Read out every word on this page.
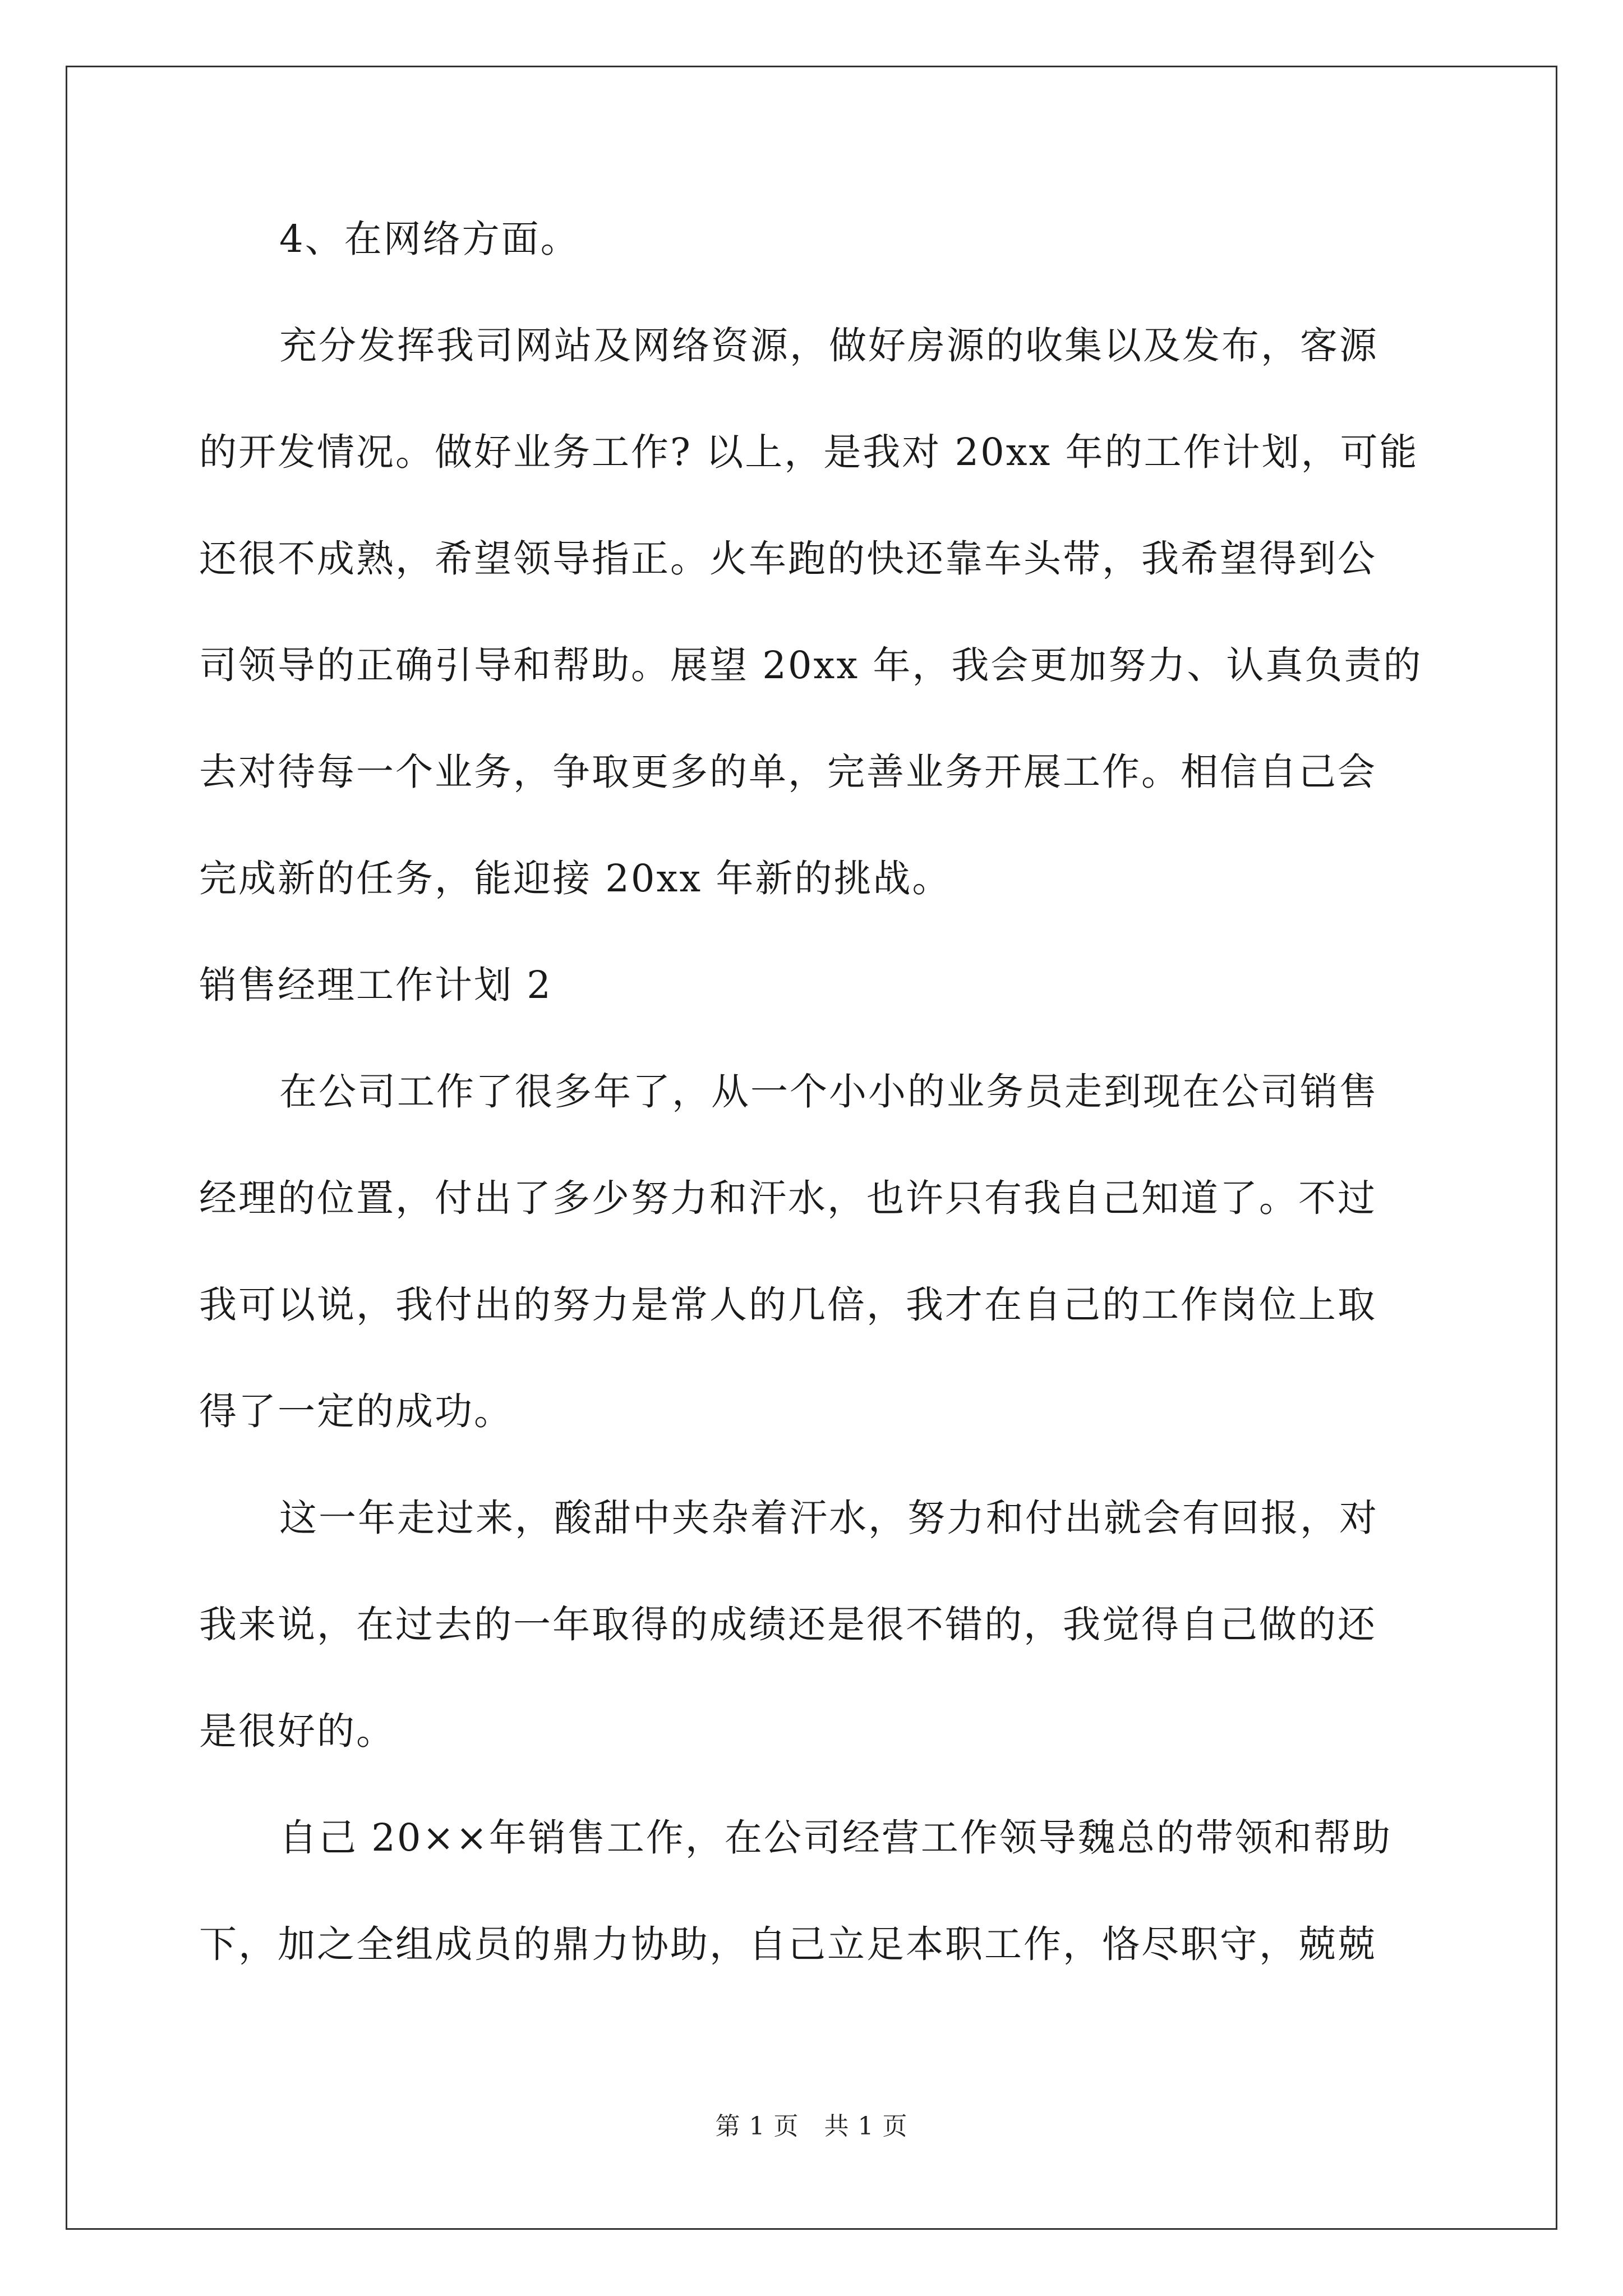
4、在网络方面。
充分发挥我司网站及网络资源，做好房源的收集以及发布，客源
的开发情况。做好业务工作? 以上，是我对 20xx 年的工作计划，可能
还很不成熟，希望领导指正。火车跑的快还靠车头带，我希望得到公
司领导的正确引导和帮助。展望 20xx 年，我会更加努力、认真负责的
去对待每一个业务，争取更多的单，完善业务开展工作。相信自己会
完成新的任务，能迎接 20xx 年新的挑战。
销售经理工作计划 2
在公司工作了很多年了，从一个小小的业务员走到现在公司销售
经理的位置，付出了多少努力和汗水，也许只有我自己知道了。不过
我可以说，我付出的努力是常人的几倍，我才在自己的工作岗位上取
得了一定的成功。
这一年走过来，酸甜中夹杂着汗水，努力和付出就会有回报，对
我来说，在过去的一年取得的成绩还是很不错的，我觉得自己做的还
是很好的。
自己 20××年销售工作，在公司经营工作领导魏总的带领和帮助
下，加之全组成员的鼎力协助，自己立足本职工作，恪尽职守，兢兢
第 1 页　共 1 页
